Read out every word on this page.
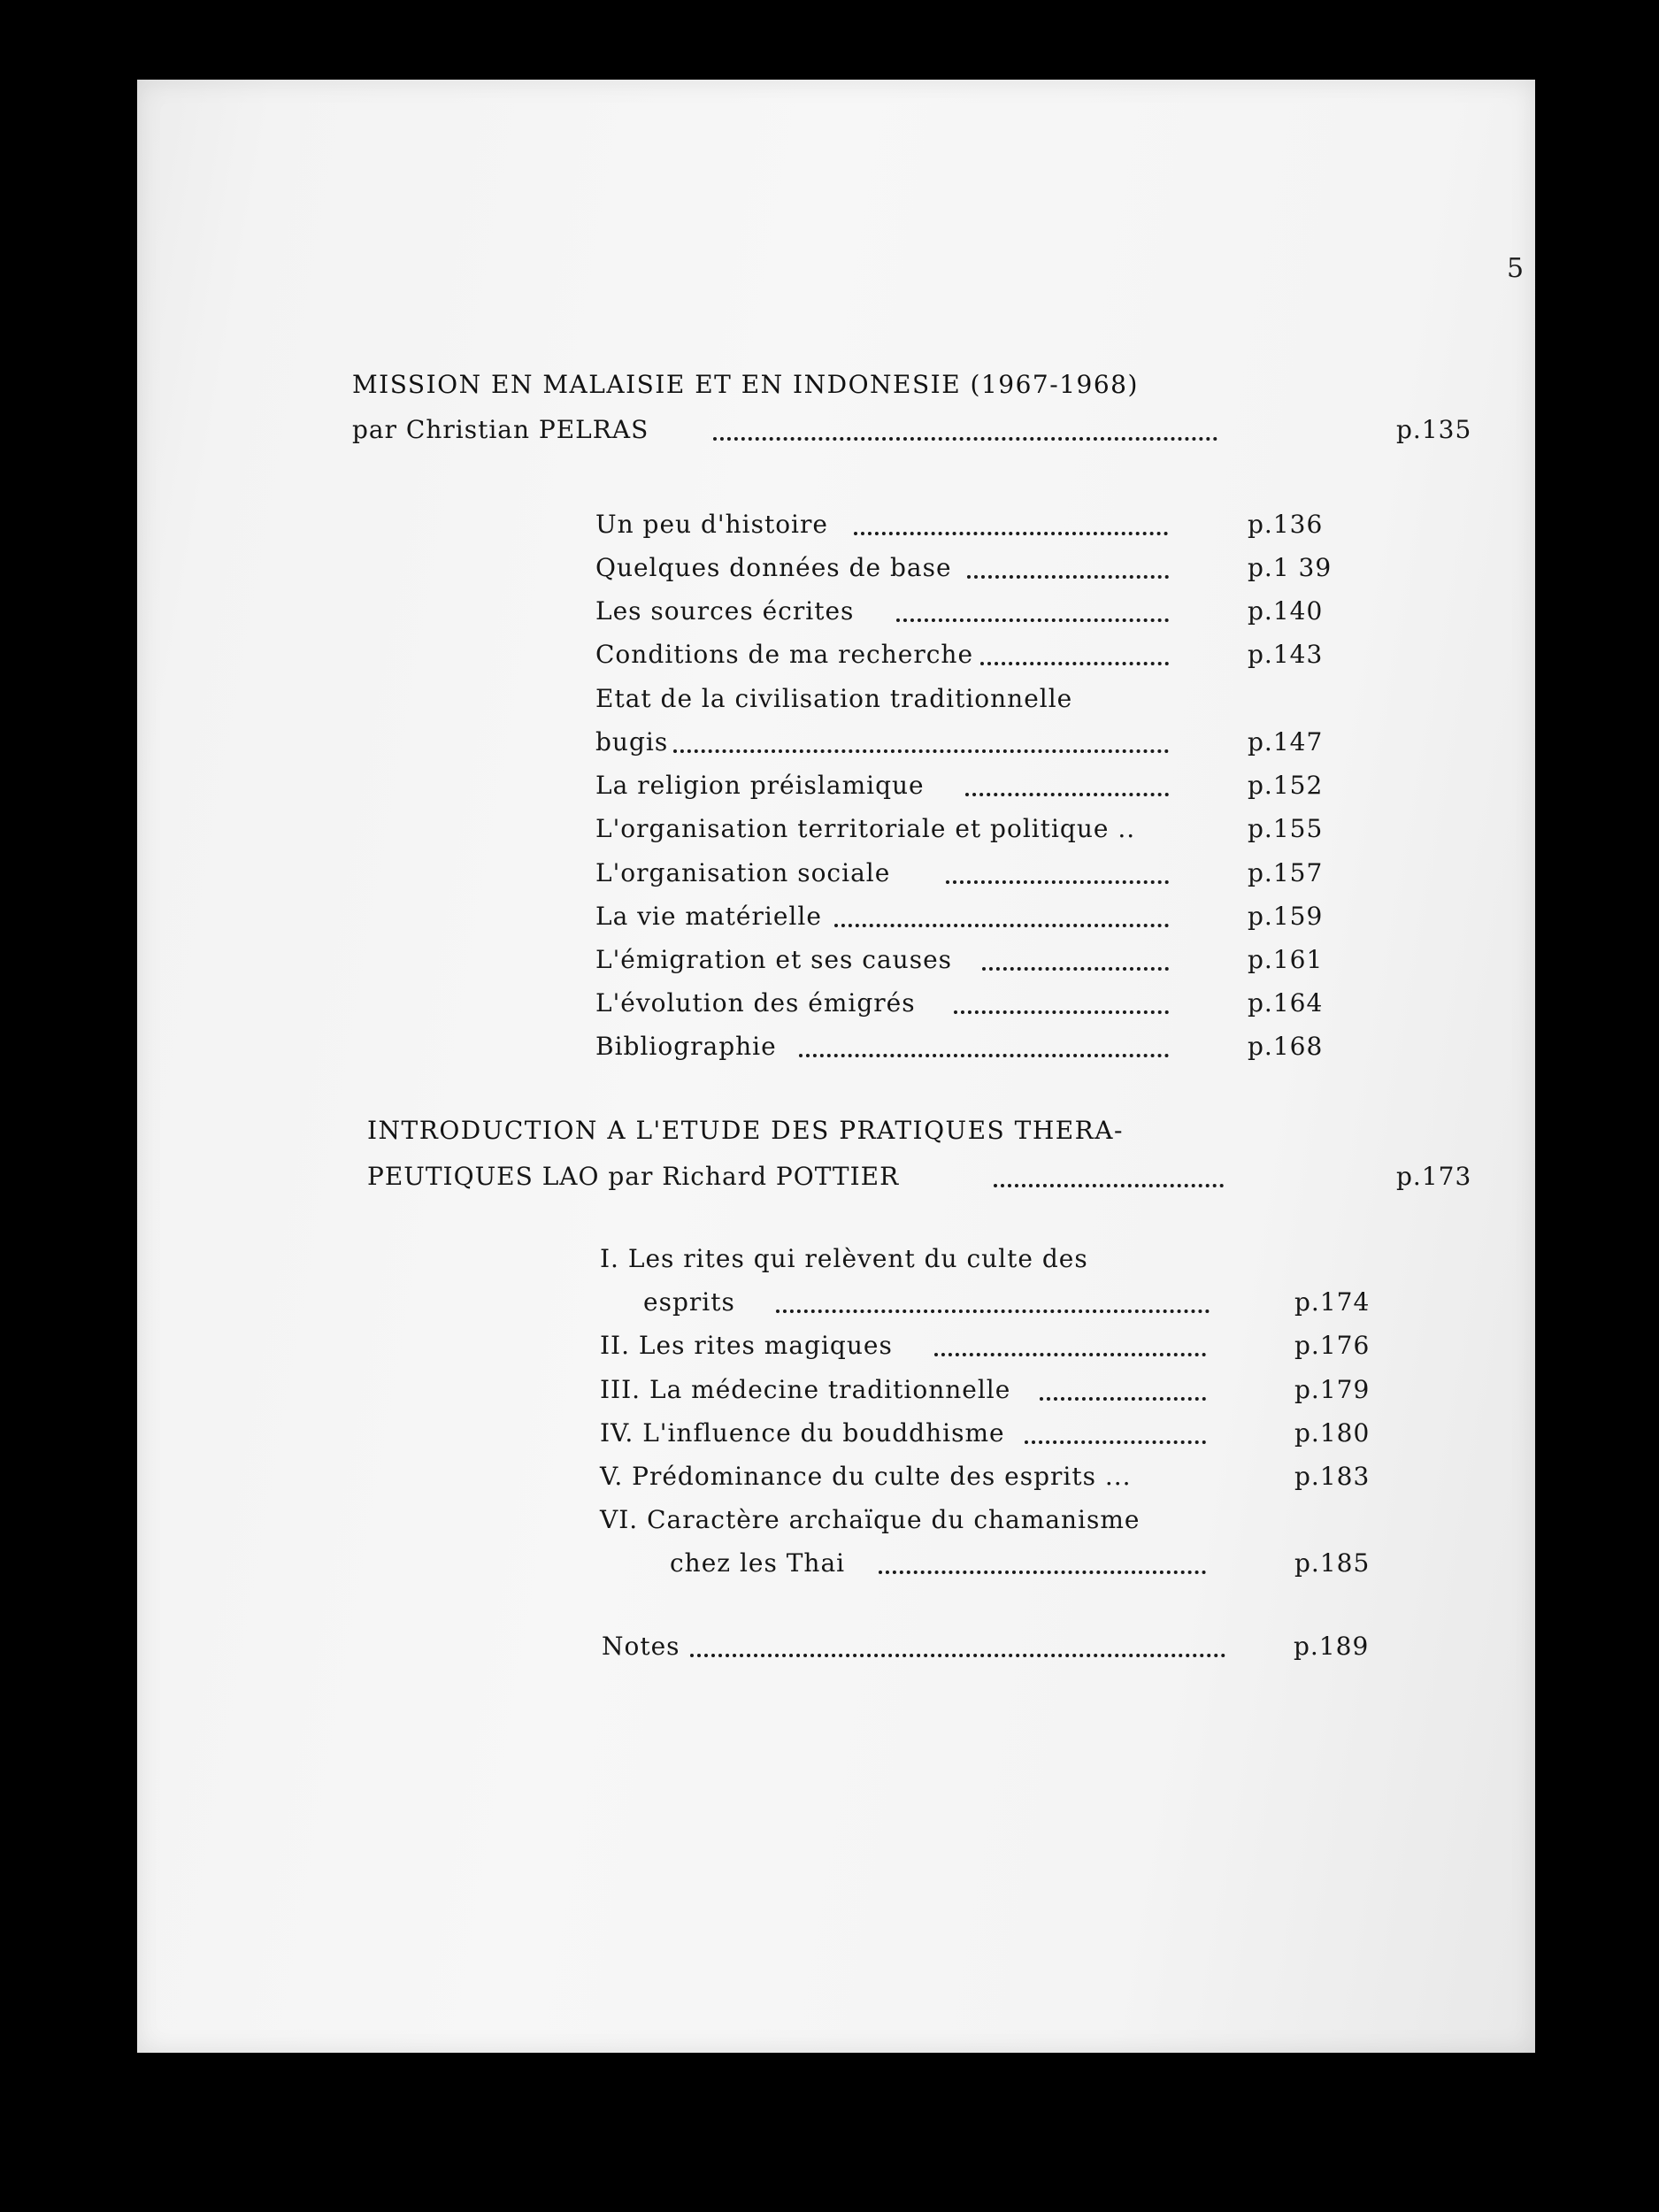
5
MISSION EN MALAISIE ET EN INDONESIE (1967-1968)
par Christian PELRAS	p.135
Un peu d'histoire	p.136
Quelques données de base	p.1 39
Les sources écrites	p.140
Conditions de ma recherche	p.143
Etat de la civilisation traditionnelle
bugis	p.147
La religion préislamique	p.152
L'organisation territoriale et politique ..	p.155
L'organisation sociale	p.157
La vie matérielle	p.159
L'émigration et ses causes	p.161
L'évolution des émigrés	p.164
Bibliographie	p.168
INTRODUCTION A L'ETUDE DES PRATIQUES THERA-
PEUTIQUES LAO par Richard POTTIER	p.173
I. Les rites qui relèvent du culte des
esprits	p.174
II. Les rites magiques	p.176
III. La médecine traditionnelle	p.179
IV. L'influence du bouddhisme	p.180
V. Prédominance du culte des esprits ...	p.183
VI. Caractère archaïque du chamanisme
chez les Thai	p.185
Notes	p.189
